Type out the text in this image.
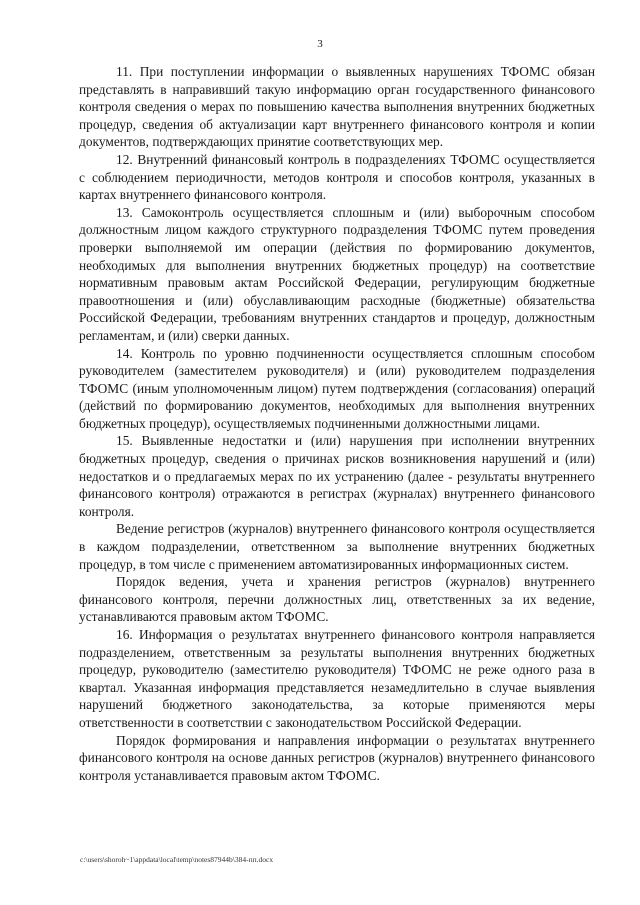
3

11. При поступлении информации о выявленных нарушениях ТФОМС обязан представлять в направивший такую информацию орган государственного финансового контроля сведения о мерах по повышению качества выполнения внутренних бюджетных процедур, сведения об актуализации карт внутреннего финансового контроля и копии документов, подтверждающих принятие соответствующих мер.

12. Внутренний финансовый контроль в подразделениях ТФОМС осуществляется с соблюдением периодичности, методов контроля и способов контроля, указанных в картах внутреннего финансового контроля.

13. Самоконтроль осуществляется сплошным и (или) выборочным способом должностным лицом каждого структурного подразделения ТФОМС путем проведения проверки выполняемой им операции (действия по формированию документов, необходимых для выполнения внутренних бюджетных процедур) на соответствие нормативным правовым актам Российской Федерации, регулирующим бюджетные правоотношения и (или) обуславливающим расходные (бюджетные) обязательства Российской Федерации, требованиям внутренних стандартов и процедур, должностным регламентам, и (или) сверки данных.

14. Контроль по уровню подчиненности осуществляется сплошным способом руководителем (заместителем руководителя) и (или) руководителем подразделения ТФОМС (иным уполномоченным лицом) путем подтверждения (согласования) операций (действий по формированию документов, необходимых для выполнения внутренних бюджетных процедур), осуществляемых подчиненными должностными лицами.

15. Выявленные недостатки и (или) нарушения при исполнении внутренних бюджетных процедур, сведения о причинах рисков возникновения нарушений и (или) недостатков и о предлагаемых мерах по их устранению (далее - результаты внутреннего финансового контроля) отражаются в регистрах (журналах) внутреннего финансового контроля.

Ведение регистров (журналов) внутреннего финансового контроля осуществляется в каждом подразделении, ответственном за выполнение внутренних бюджетных процедур, в том числе с применением автоматизированных информационных систем.

Порядок ведения, учета и хранения регистров (журналов) внутреннего финансового контроля, перечни должностных лиц, ответственных за их ведение, устанавливаются правовым актом ТФОМС.

16. Информация о результатах внутреннего финансового контроля направляется подразделением, ответственным за результаты выполнения внутренних бюджетных процедур, руководителю (заместителю руководителя) ТФОМС не реже одного раза в квартал. Указанная информация представляется незамедлительно в случае выявления нарушений бюджетного законодательства, за которые применяются меры ответственности в соответствии с законодательством Российской Федерации.

Порядок формирования и направления информации о результатах внутреннего финансового контроля на основе данных регистров (журналов) внутреннего финансового контроля устанавливается правовым актом ТФОМС.

c:\users\shoroh~1\appdata\local\temp\notes87944b\384-пп.docx
